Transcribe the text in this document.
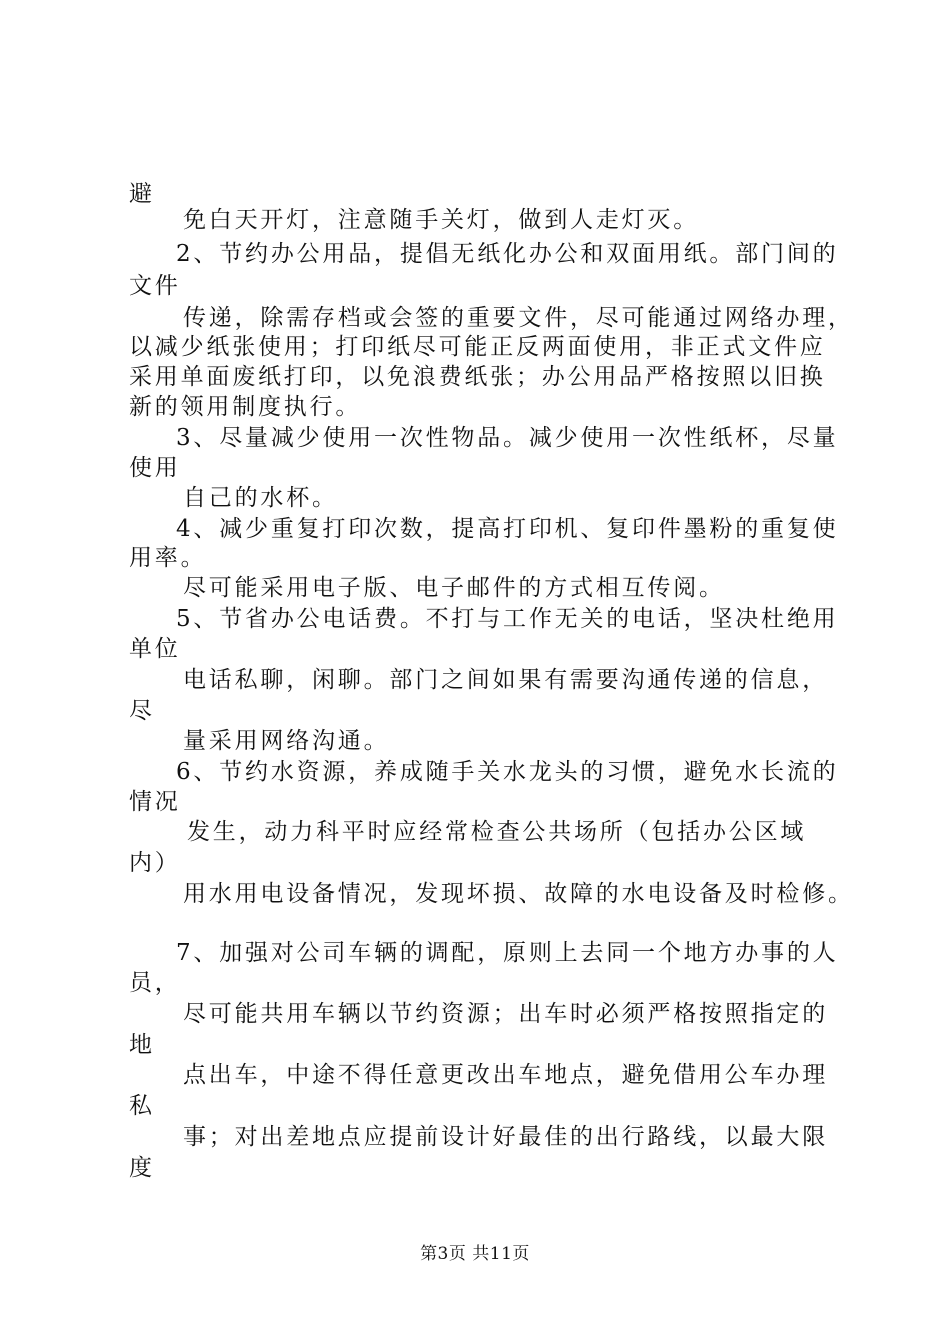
避
免白天开灯，注意随手关灯，做到人走灯灭。
2、节约办公用品，提倡无纸化办公和双面用纸。部门间的
文件
传递，除需存档或会签的重要文件，尽可能通过网络办理，
以减少纸张使用；打印纸尽可能正反两面使用，非正式文件应
采用单面废纸打印，以免浪费纸张；办公用品严格按照以旧换
新的领用制度执行。
3、尽量减少使用一次性物品。减少使用一次性纸杯，尽量
使用
自己的水杯。
4、减少重复打印次数，提高打印机、复印件墨粉的重复使
用率。
尽可能采用电子版、电子邮件的方式相互传阅。
5、节省办公电话费。不打与工作无关的电话，坚决杜绝用
单位
电话私聊，闲聊。部门之间如果有需要沟通传递的信息，
尽
量采用网络沟通。
6、节约水资源，养成随手关水龙头的习惯，避免水长流的
情况
发生，动力科平时应经常检查公共场所（包括办公区域
内）
用水用电设备情况，发现坏损、故障的水电设备及时检修。
7、加强对公司车辆的调配，原则上去同一个地方办事的人
员，
尽可能共用车辆以节约资源；出车时必须严格按照指定的
地
点出车，中途不得任意更改出车地点，避免借用公车办理
私
事；对出差地点应提前设计好最佳的出行路线，以最大限
度
第3页 共11页
